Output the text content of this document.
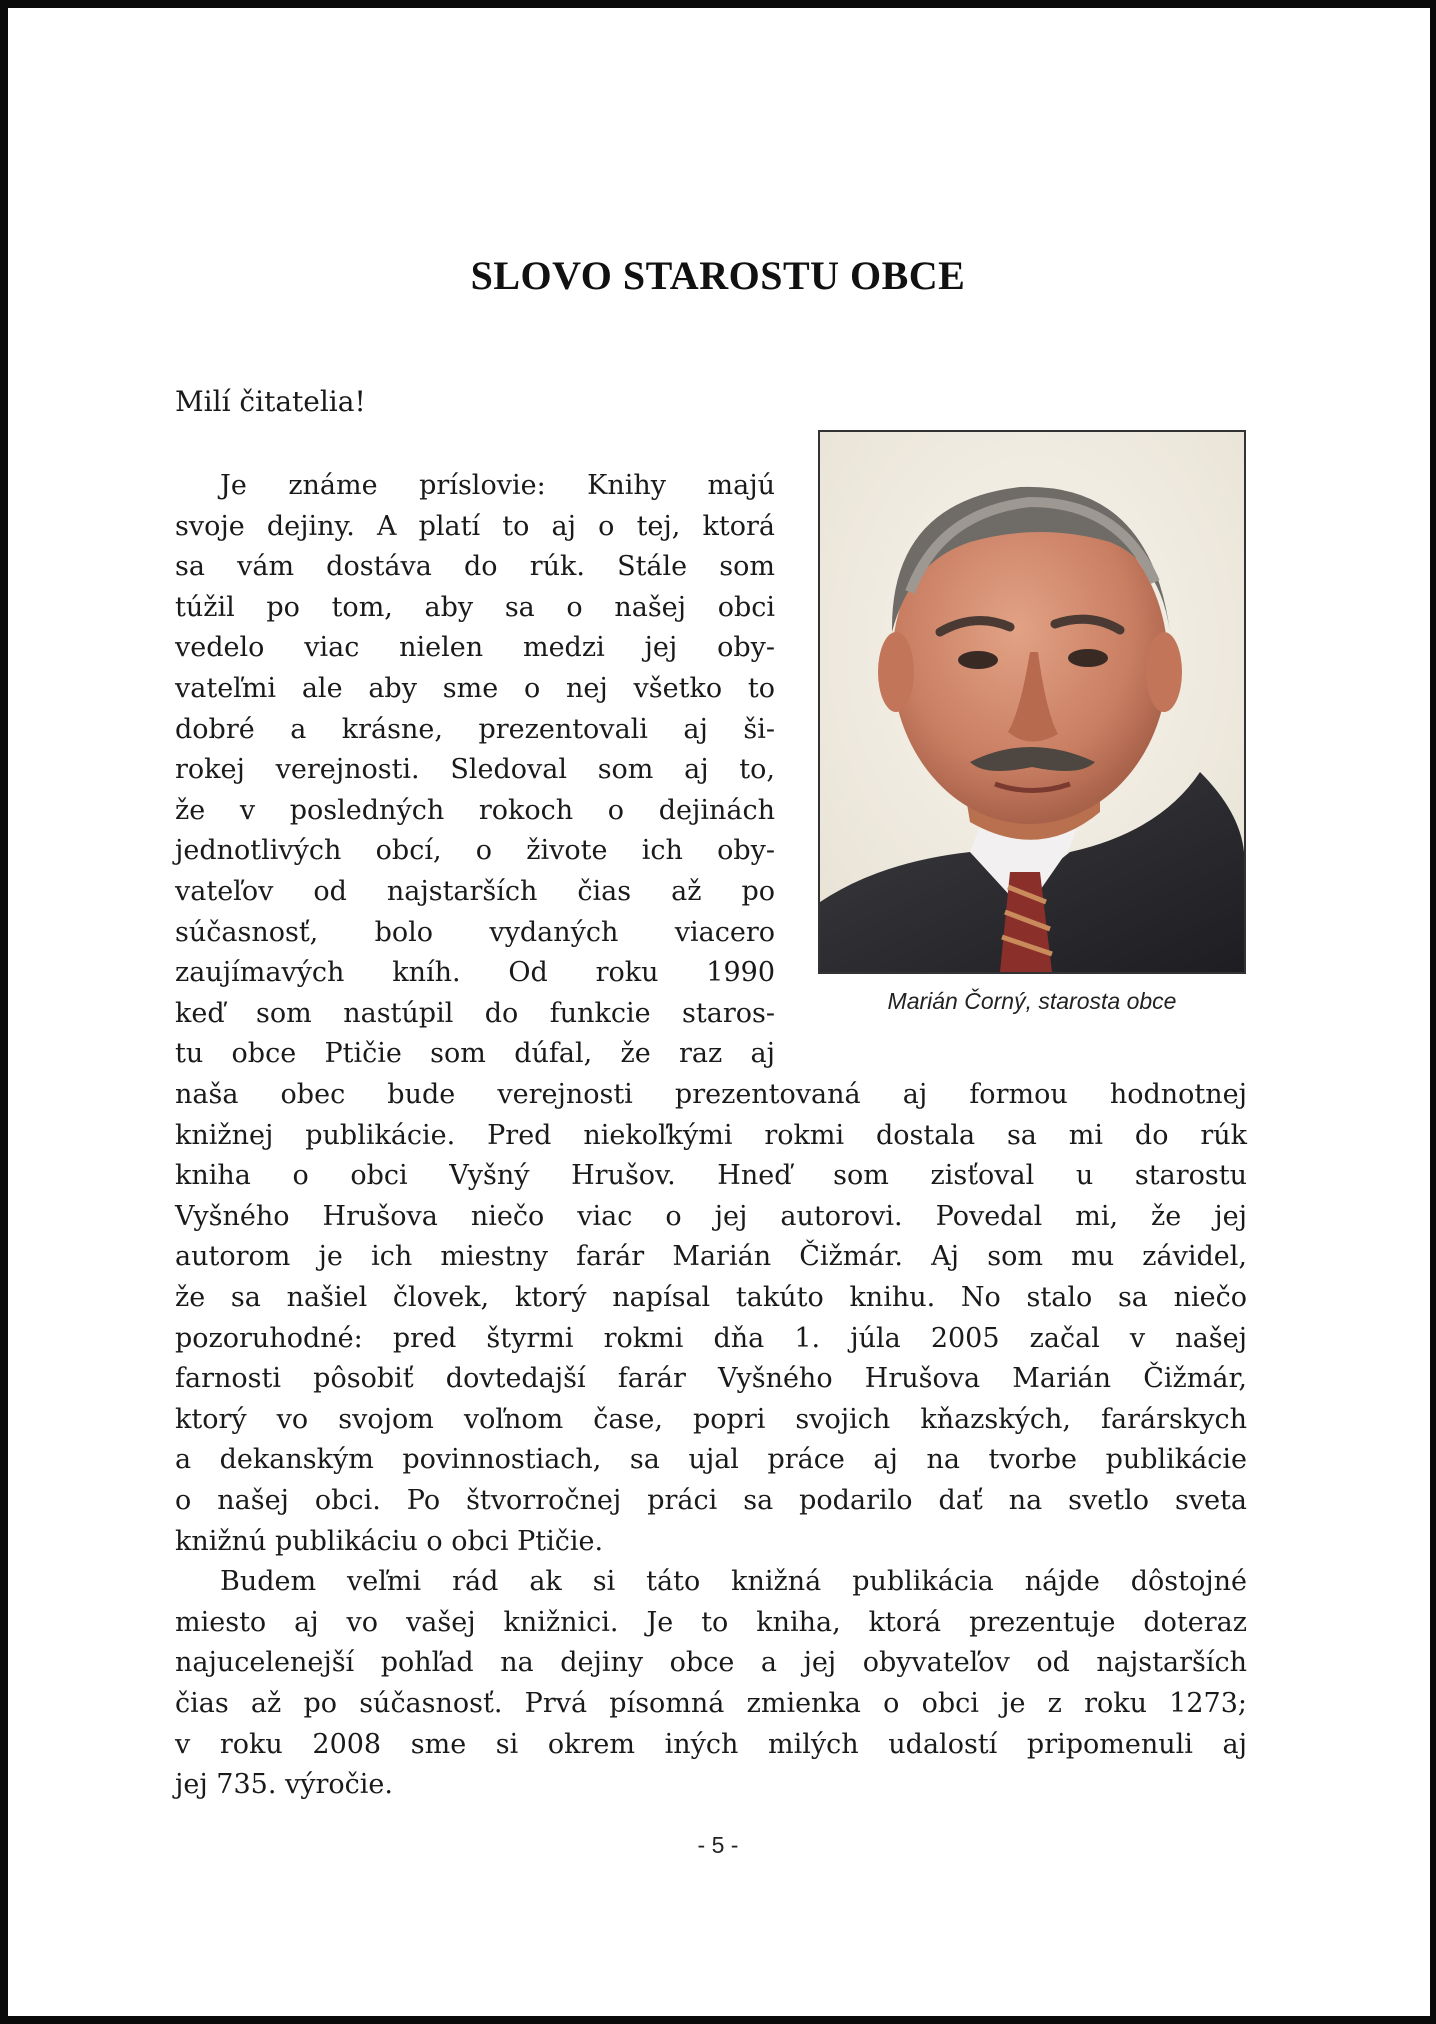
SLOVO STAROSTU OBCE
Milí čitatelia!
Marián Čorný, starosta obce
Je známe príslovie: Knihy majú
svoje dejiny. A platí to aj o tej, ktorá
sa vám dostáva do rúk. Stále som
túžil po tom, aby sa o našej obci
vedelo viac nielen medzi jej oby-
vateľmi ale aby sme o nej všetko to
dobré a krásne, prezentovali aj ši-
rokej verejnosti. Sledoval som aj to,
že v posledných rokoch o dejinách
jednotlivých obcí, o živote ich oby-
vateľov od najstarších čias až po
súčasnosť, bolo vydaných viacero
zaujímavých kníh. Od roku 1990
keď som nastúpil do funkcie staros-
tu obce Ptičie som dúfal, že raz aj
naša obec bude verejnosti prezentovaná aj formou hodnotnej
knižnej publikácie. Pred niekoľkými rokmi dostala sa mi do rúk
kniha o obci Vyšný Hrušov. Hneď som zisťoval u starostu
Vyšného Hrušova niečo viac o jej autorovi. Povedal mi, že jej
autorom je ich miestny farár Marián Čižmár. Aj som mu závidel,
že sa našiel človek, ktorý napísal takúto knihu. No stalo sa niečo
pozoruhodné: pred štyrmi rokmi dňa 1. júla 2005 začal v našej
farnosti pôsobiť dovtedajší farár Vyšného Hrušova Marián Čižmár,
ktorý vo svojom voľnom čase, popri svojich kňazských, farárskych
a dekanským povinnostiach, sa ujal práce aj na tvorbe publikácie
o našej obci. Po štvorročnej práci sa podarilo dať na svetlo sveta
knižnú publikáciu o obci Ptičie.
Budem veľmi rád ak si táto knižná publikácia nájde dôstojné
miesto aj vo vašej knižnici. Je to kniha, ktorá prezentuje doteraz
najucelenejší pohľad na dejiny obce a jej obyvateľov od najstarších
čias až po súčasnosť. Prvá písomná zmienka o obci je z roku 1273;
v roku 2008 sme si okrem iných milých udalostí pripomenuli aj
jej 735. výročie.
- 5 -
